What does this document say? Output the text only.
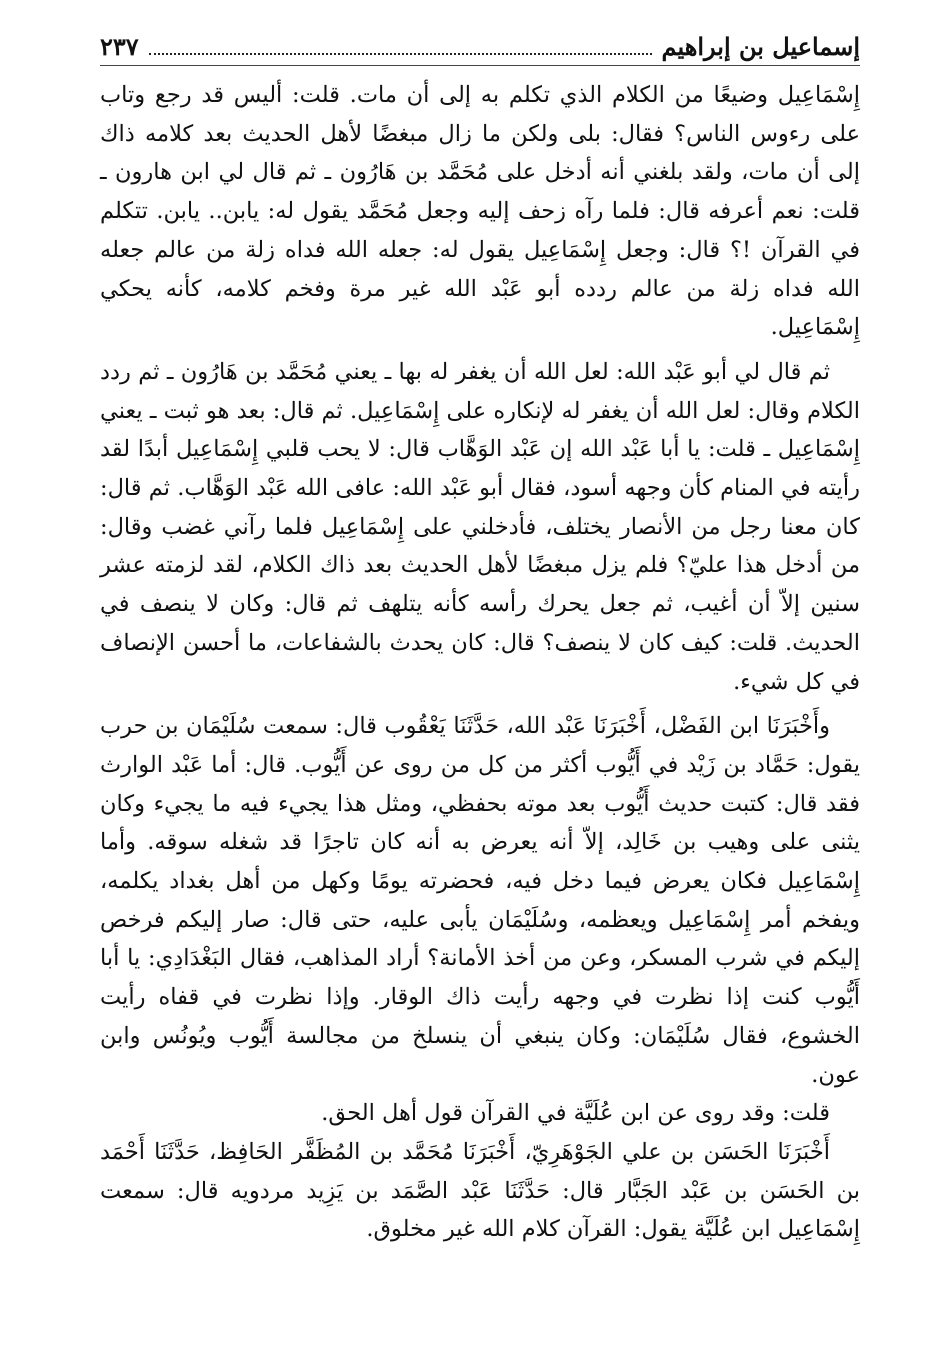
إسماعيل بن إبراهيم
٢٣٧

إِسْمَاعِيل وضيعًا من الكلام الذي تكلم به إلى أن مات. قلت: أليس قد رجع وتاب على رءوس الناس؟ فقال: بلى ولكن ما زال مبغضًا لأهل الحديث بعد كلامه ذاك إلى أن مات، ولقد بلغني أنه أدخل على مُحَمَّد بن هَارُون ـ ثم قال لي ابن هارون ـ قلت: نعم أعرفه قال: فلما رآه زحف إليه وجعل مُحَمَّد يقول له: يابن.. يابن. تتكلم في القرآن !؟ قال: وجعل إِسْمَاعِيل يقول له: جعله الله فداه زلة من عالم جعله الله فداه زلة من عالم ردده أبو عَبْد الله غير مرة وفخم كلامه، كأنه يحكي إِسْمَاعِيل.

ثم قال لي أبو عَبْد الله: لعل الله أن يغفر له بها ـ يعني مُحَمَّد بن هَارُون ـ ثم ردد الكلام وقال: لعل الله أن يغفر له لإنكاره على إِسْمَاعِيل. ثم قال: بعد هو ثبت ـ يعني إِسْمَاعِيل ـ قلت: يا أبا عَبْد الله إن عَبْد الوَهَّاب قال: لا يحب قلبي إِسْمَاعِيل أبدًا لقد رأيته في المنام كأن وجهه أسود، فقال أبو عَبْد الله: عافى الله عَبْد الوَهَّاب. ثم قال: كان معنا رجل من الأنصار يختلف، فأدخلني على إِسْمَاعِيل فلما رآني غضب وقال: من أدخل هذا عليّ؟ فلم يزل مبغضًا لأهل الحديث بعد ذاك الكلام، لقد لزمته عشر سنين إلاّ أن أغيب، ثم جعل يحرك رأسه كأنه يتلهف ثم قال: وكان لا ينصف في الحديث. قلت: كيف كان لا ينصف؟ قال: كان يحدث بالشفاعات، ما أحسن الإنصاف في كل شيء.

وأَخْبَرَنَا ابن الفَضْل، أَخْبَرَنَا عَبْد الله، حَدَّثَنَا يَعْقُوب قال: سمعت سُلَيْمَان بن حرب يقول: حَمَّاد بن زَيْد في أَيُّوب أكثر من كل من روى عن أَيُّوب. قال: أما عَبْد الوارث فقد قال: كتبت حديث أَيُّوب بعد موته بحفظي، ومثل هذا يجيء فيه ما يجيء وكان يثنى على وهيب بن خَالِد، إلاّ أنه يعرض به أنه كان تاجرًا قد شغله سوقه. وأما إِسْمَاعِيل فكان يعرض فيما دخل فيه، فحضرته يومًا وكهل من أهل بغداد يكلمه، ويفخم أمر إِسْمَاعِيل ويعظمه، وسُلَيْمَان يأبى عليه، حتى قال: صار إليكم فرخص إليكم في شرب المسكر، وعن من أخذ الأمانة؟ أراد المذاهب، فقال البَغْدَادِي: يا أبا أَيُّوب كنت إذا نظرت في وجهه رأيت ذاك الوقار. وإذا نظرت في قفاه رأيت الخشوع، فقال سُلَيْمَان: وكان ينبغي أن ينسلخ من مجالسة أَيُّوب ويُونُس وابن عون.

قلت: وقد روى عن ابن عُلَيَّة في القرآن قول أهل الحق.

أَخْبَرَنَا الحَسَن بن علي الجَوْهَرِيّ، أَخْبَرَنَا مُحَمَّد بن المُظَفَّر الحَافِظ، حَدَّثَنَا أَحْمَد بن الحَسَن بن عَبْد الجَبَّار قال: حَدَّثَنَا عَبْد الصَّمَد بن يَزِيد مردويه قال: سمعت إِسْمَاعِيل ابن عُلَيَّة يقول: القرآن كلام الله غير مخلوق.
